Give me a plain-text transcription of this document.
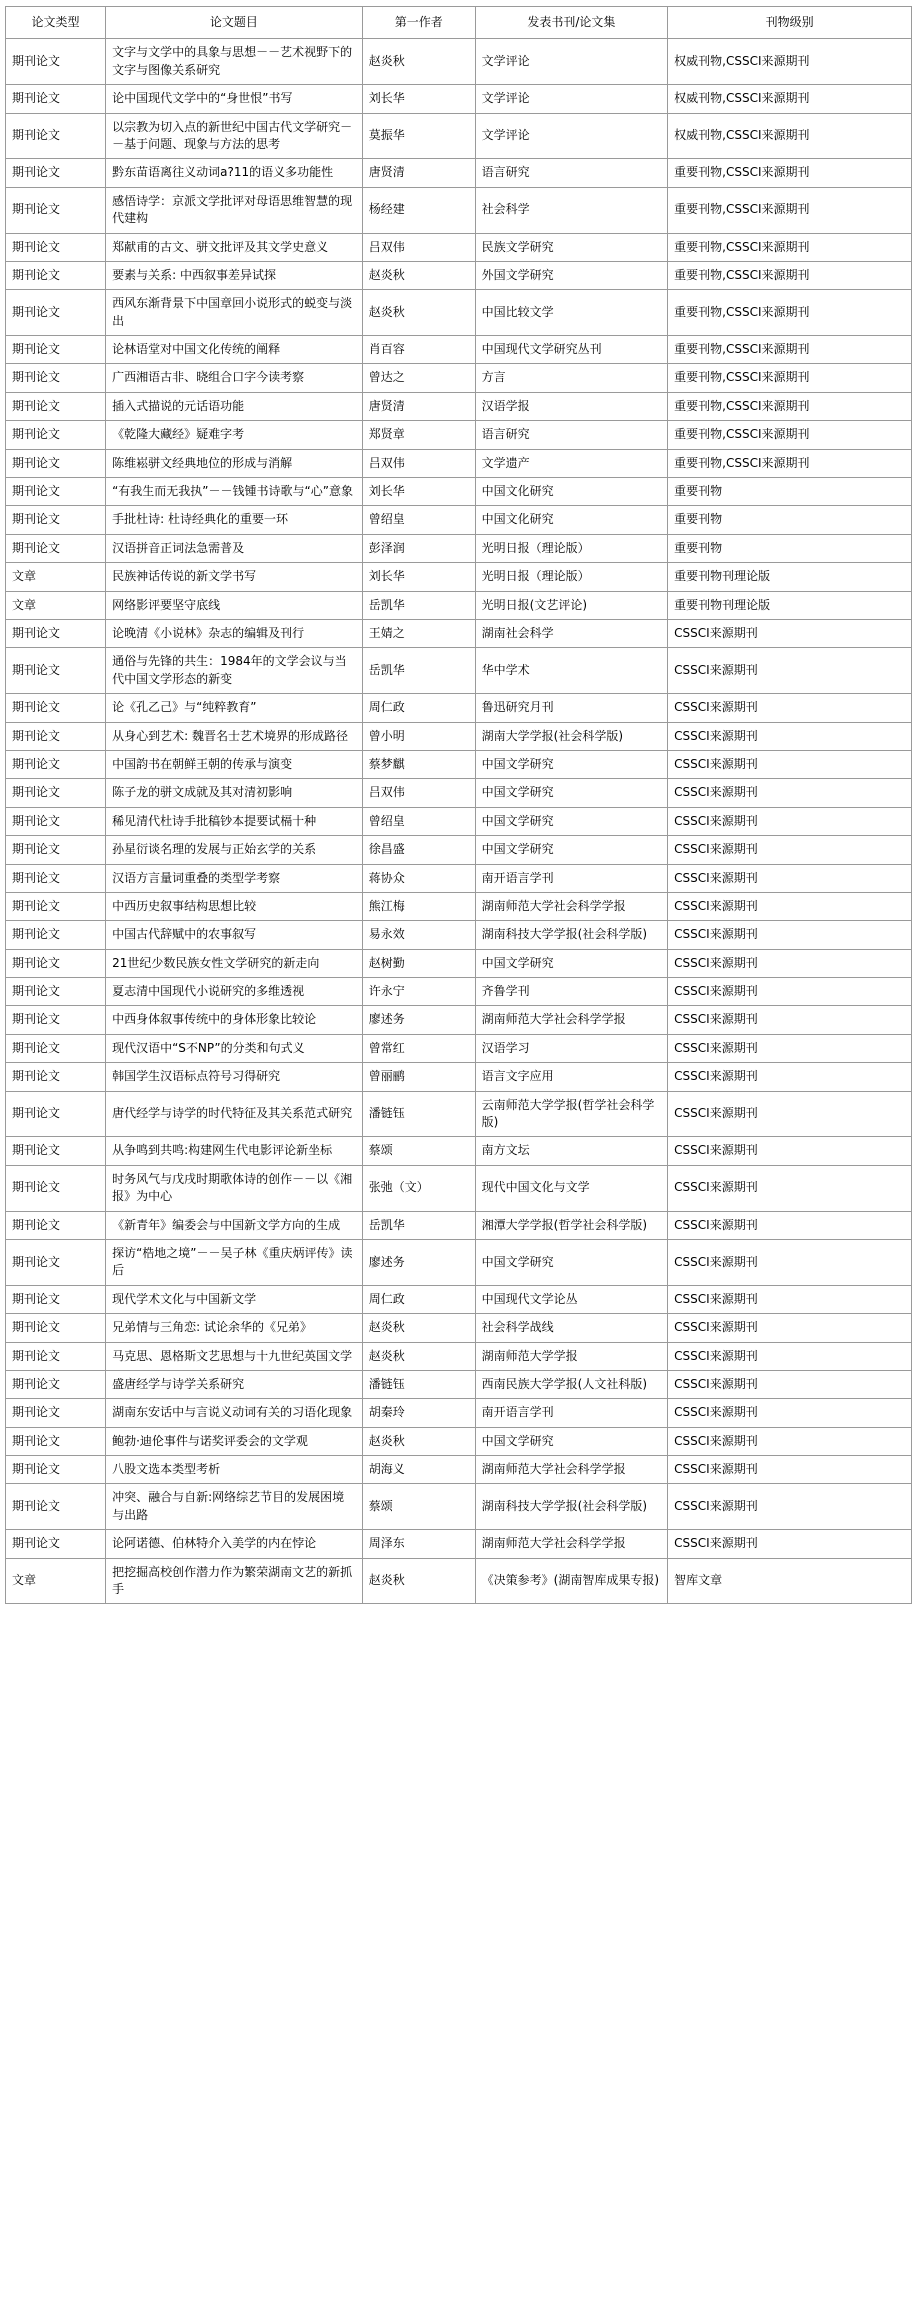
论文类型	论文题目	第一作者	发表书刊/论文集	刊物级别
期刊论文	文字与文学中的具象与思想－－艺术视野下的文字与图像关系研究	赵炎秋	文学评论	权威刊物,CSSCI来源期刊
期刊论文	论中国现代文学中的“身世恨”书写	刘长华	文学评论	权威刊物,CSSCI来源期刊
期刊论文	以宗教为切入点的新世纪中国古代文学研究－－基于问题、现象与方法的思考	莫振华	文学评论	权威刊物,CSSCI来源期刊
期刊论文	黔东苗语离往义动词a?11的语义多功能性	唐贤清	语言研究	重要刊物,CSSCI来源期刊
期刊论文	感悟诗学：京派文学批评对母语思维智慧的现代建构	杨经建	社会科学	重要刊物,CSSCI来源期刊
期刊论文	郑献甫的古文、骈文批评及其文学史意义	吕双伟	民族文学研究	重要刊物,CSSCI来源期刊
期刊论文	要素与关系: 中西叙事差异试探	赵炎秋	外国文学研究	重要刊物,CSSCI来源期刊
期刊论文	西风东渐背景下中国章回小说形式的蜕变与淡出	赵炎秋	中国比较文学	重要刊物,CSSCI来源期刊
期刊论文	论林语堂对中国文化传统的阐释	肖百容	中国现代文学研究丛刊	重要刊物,CSSCI来源期刊
期刊论文	广西湘语古非、晓组合口字今读考察	曾达之	方言	重要刊物,CSSCI来源期刊
期刊论文	插入式描说的元话语功能	唐贤清	汉语学报	重要刊物,CSSCI来源期刊
期刊论文	《乾隆大藏经》疑难字考	郑贤章	语言研究	重要刊物,CSSCI来源期刊
期刊论文	陈维崧骈文经典地位的形成与消解	吕双伟	文学遗产	重要刊物,CSSCI来源期刊
期刊论文	“有我生而无我执”－－钱锺书诗歌与“心”意象	刘长华	中国文化研究	重要刊物
期刊论文	手批杜诗: 杜诗经典化的重要一环	曾绍皇	中国文化研究	重要刊物
期刊论文	汉语拼音正词法急需普及	彭泽润	光明日报（理论版）	重要刊物
文章	民族神话传说的新文学书写	刘长华	光明日报（理论版）	重要刊物刊理论版
文章	网络影评要坚守底线	岳凯华	光明日报(文艺评论)	重要刊物刊理论版
期刊论文	论晚清《小说林》杂志的编辑及刊行	王婧之	湖南社会科学	CSSCI来源期刊
期刊论文	通俗与先锋的共生：1984年的文学会议与当代中国文学形态的新变	岳凯华	华中学术	CSSCI来源期刊
期刊论文	论《孔乙己》与“纯粹教育”	周仁政	鲁迅研究月刊	CSSCI来源期刊
期刊论文	从身心到艺术: 魏晋名士艺术境界的形成路径	曾小明	湖南大学学报(社会科学版)	CSSCI来源期刊
期刊论文	中国韵书在朝鲜王朝的传承与演变	蔡梦麒	中国文学研究	CSSCI来源期刊
期刊论文	陈子龙的骈文成就及其对清初影响	吕双伟	中国文学研究	CSSCI来源期刊
期刊论文	稀见清代杜诗手批稿钞本提要试槅十种	曾绍皇	中国文学研究	CSSCI来源期刊
期刊论文	孙星衍谈名理的发展与正始玄学的关系	徐昌盛	中国文学研究	CSSCI来源期刊
期刊论文	汉语方言量词重叠的类型学考察	蒋协众	南开语言学刊	CSSCI来源期刊
期刊论文	中西历史叙事结构思想比较	熊江梅	湖南师范大学社会科学学报	CSSCI来源期刊
期刊论文	中国古代辞赋中的农事叙写	易永效	湖南科技大学学报(社会科学版)	CSSCI来源期刊
期刊论文	21世纪少数民族女性文学研究的新走向	赵树勤	中国文学研究	CSSCI来源期刊
期刊论文	夏志清中国现代小说研究的多维透视	许永宁	齐鲁学刊	CSSCI来源期刊
期刊论文	中西身体叙事传统中的身体形象比较论	廖述务	湖南师范大学社会科学学报	CSSCI来源期刊
期刊论文	现代汉语中“S不NP”的分类和句式义	曾常红	汉语学习	CSSCI来源期刊
期刊论文	韩国学生汉语标点符号习得研究	曾丽鹂	语言文字应用	CSSCI来源期刊
期刊论文	唐代经学与诗学的时代特征及其关系范式研究	潘链钰	云南师范大学学报(哲学社会科学版)	CSSCI来源期刊
期刊论文	从争鸣到共鸣:构建网生代电影评论新坐标	蔡颂	南方文坛	CSSCI来源期刊
期刊论文	时务风气与戊戌时期歌体诗的创作－－以《湘报》为中心	张弛（文）	现代中国文化与文学	CSSCI来源期刊
期刊论文	《新青年》编委会与中国新文学方向的生成	岳凯华	湘潭大学学报(哲学社会科学版)	CSSCI来源期刊
期刊论文	探访“梏地之境”－－吴子林《重庆炳评传》读后	廖述务	中国文学研究	CSSCI来源期刊
期刊论文	现代学术文化与中国新文学	周仁政	中国现代文学论丛	CSSCI来源期刊
期刊论文	兄弟情与三角恋: 试论余华的《兄弟》	赵炎秋	社会科学战线	CSSCI来源期刊
期刊论文	马克思、恩格斯文艺思想与十九世纪英国文学	赵炎秋	湖南师范大学学报	CSSCI来源期刊
期刊论文	盛唐经学与诗学关系研究	潘链钰	西南民族大学学报(人文社科版)	CSSCI来源期刊
期刊论文	湖南东安话中与言说义动词有关的习语化现象	胡秦玲	南开语言学刊	CSSCI来源期刊
期刊论文	鲍勃·迪伦事件与诺奖评委会的文学观	赵炎秋	中国文学研究	CSSCI来源期刊
期刊论文	八股文选本类型考析	胡海义	湖南师范大学社会科学学报	CSSCI来源期刊
期刊论文	冲突、融合与自新:网络综艺节目的发展困境与出路	蔡颂	湖南科技大学学报(社会科学版)	CSSCI来源期刊
期刊论文	论阿诺德、伯林特介入美学的内在悖论	周泽东	湖南师范大学社会科学学报	CSSCI来源期刊
文章	把挖掘高校创作潜力作为繁荣湖南文艺的新抓手	赵炎秋	《决策参考》(湖南智库成果专报)	智库文章
